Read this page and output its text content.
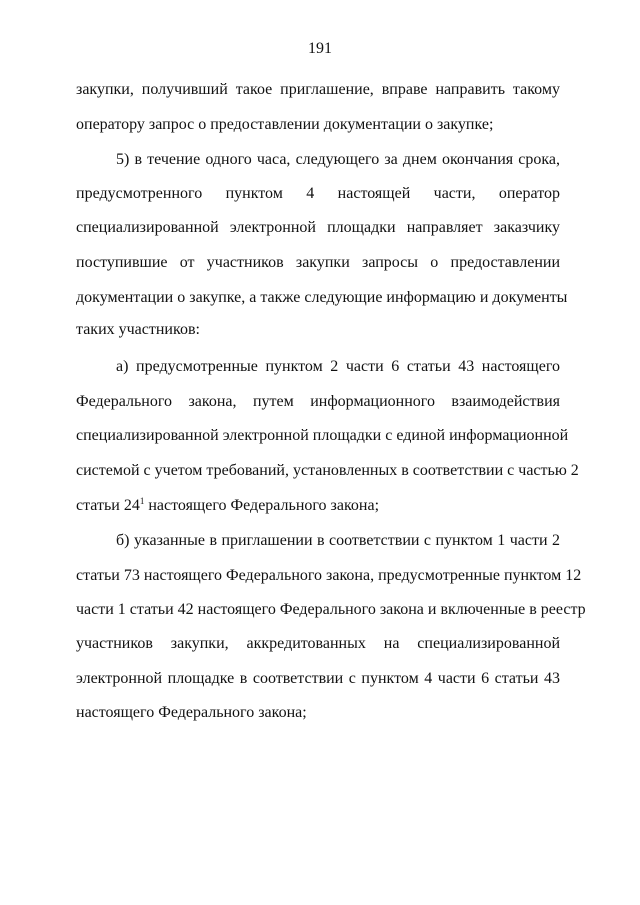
191
закупки, получивший такое приглашение, вправе направить такому
оператору запрос о предоставлении документации о закупке;
5) в течение одного часа, следующего за днем окончания срока,
предусмотренного пунктом 4 настоящей части, оператор
специализированной электронной площадки направляет заказчику
поступившие от участников закупки запросы о предоставлении
документации о закупке, а также следующие информацию и документы
таких участников:
а) предусмотренные пунктом 2 части 6 статьи 43 настоящего
Федерального закона, путем информационного взаимодействия
специализированной электронной площадки с единой информационной
системой с учетом требований, установленных в соответствии с частью 2
статьи $24^1$ настоящего Федерального закона;
б) указанные в приглашении в соответствии с пунктом 1 части 2
статьи 73 настоящего Федерального закона, предусмотренные пунктом 12
части 1 статьи 42 настоящего Федерального закона и включенные в реестр
участников закупки, аккредитованных на специализированной
электронной площадке в соответствии с пунктом 4 части 6 статьи 43
настоящего Федерального закона;
